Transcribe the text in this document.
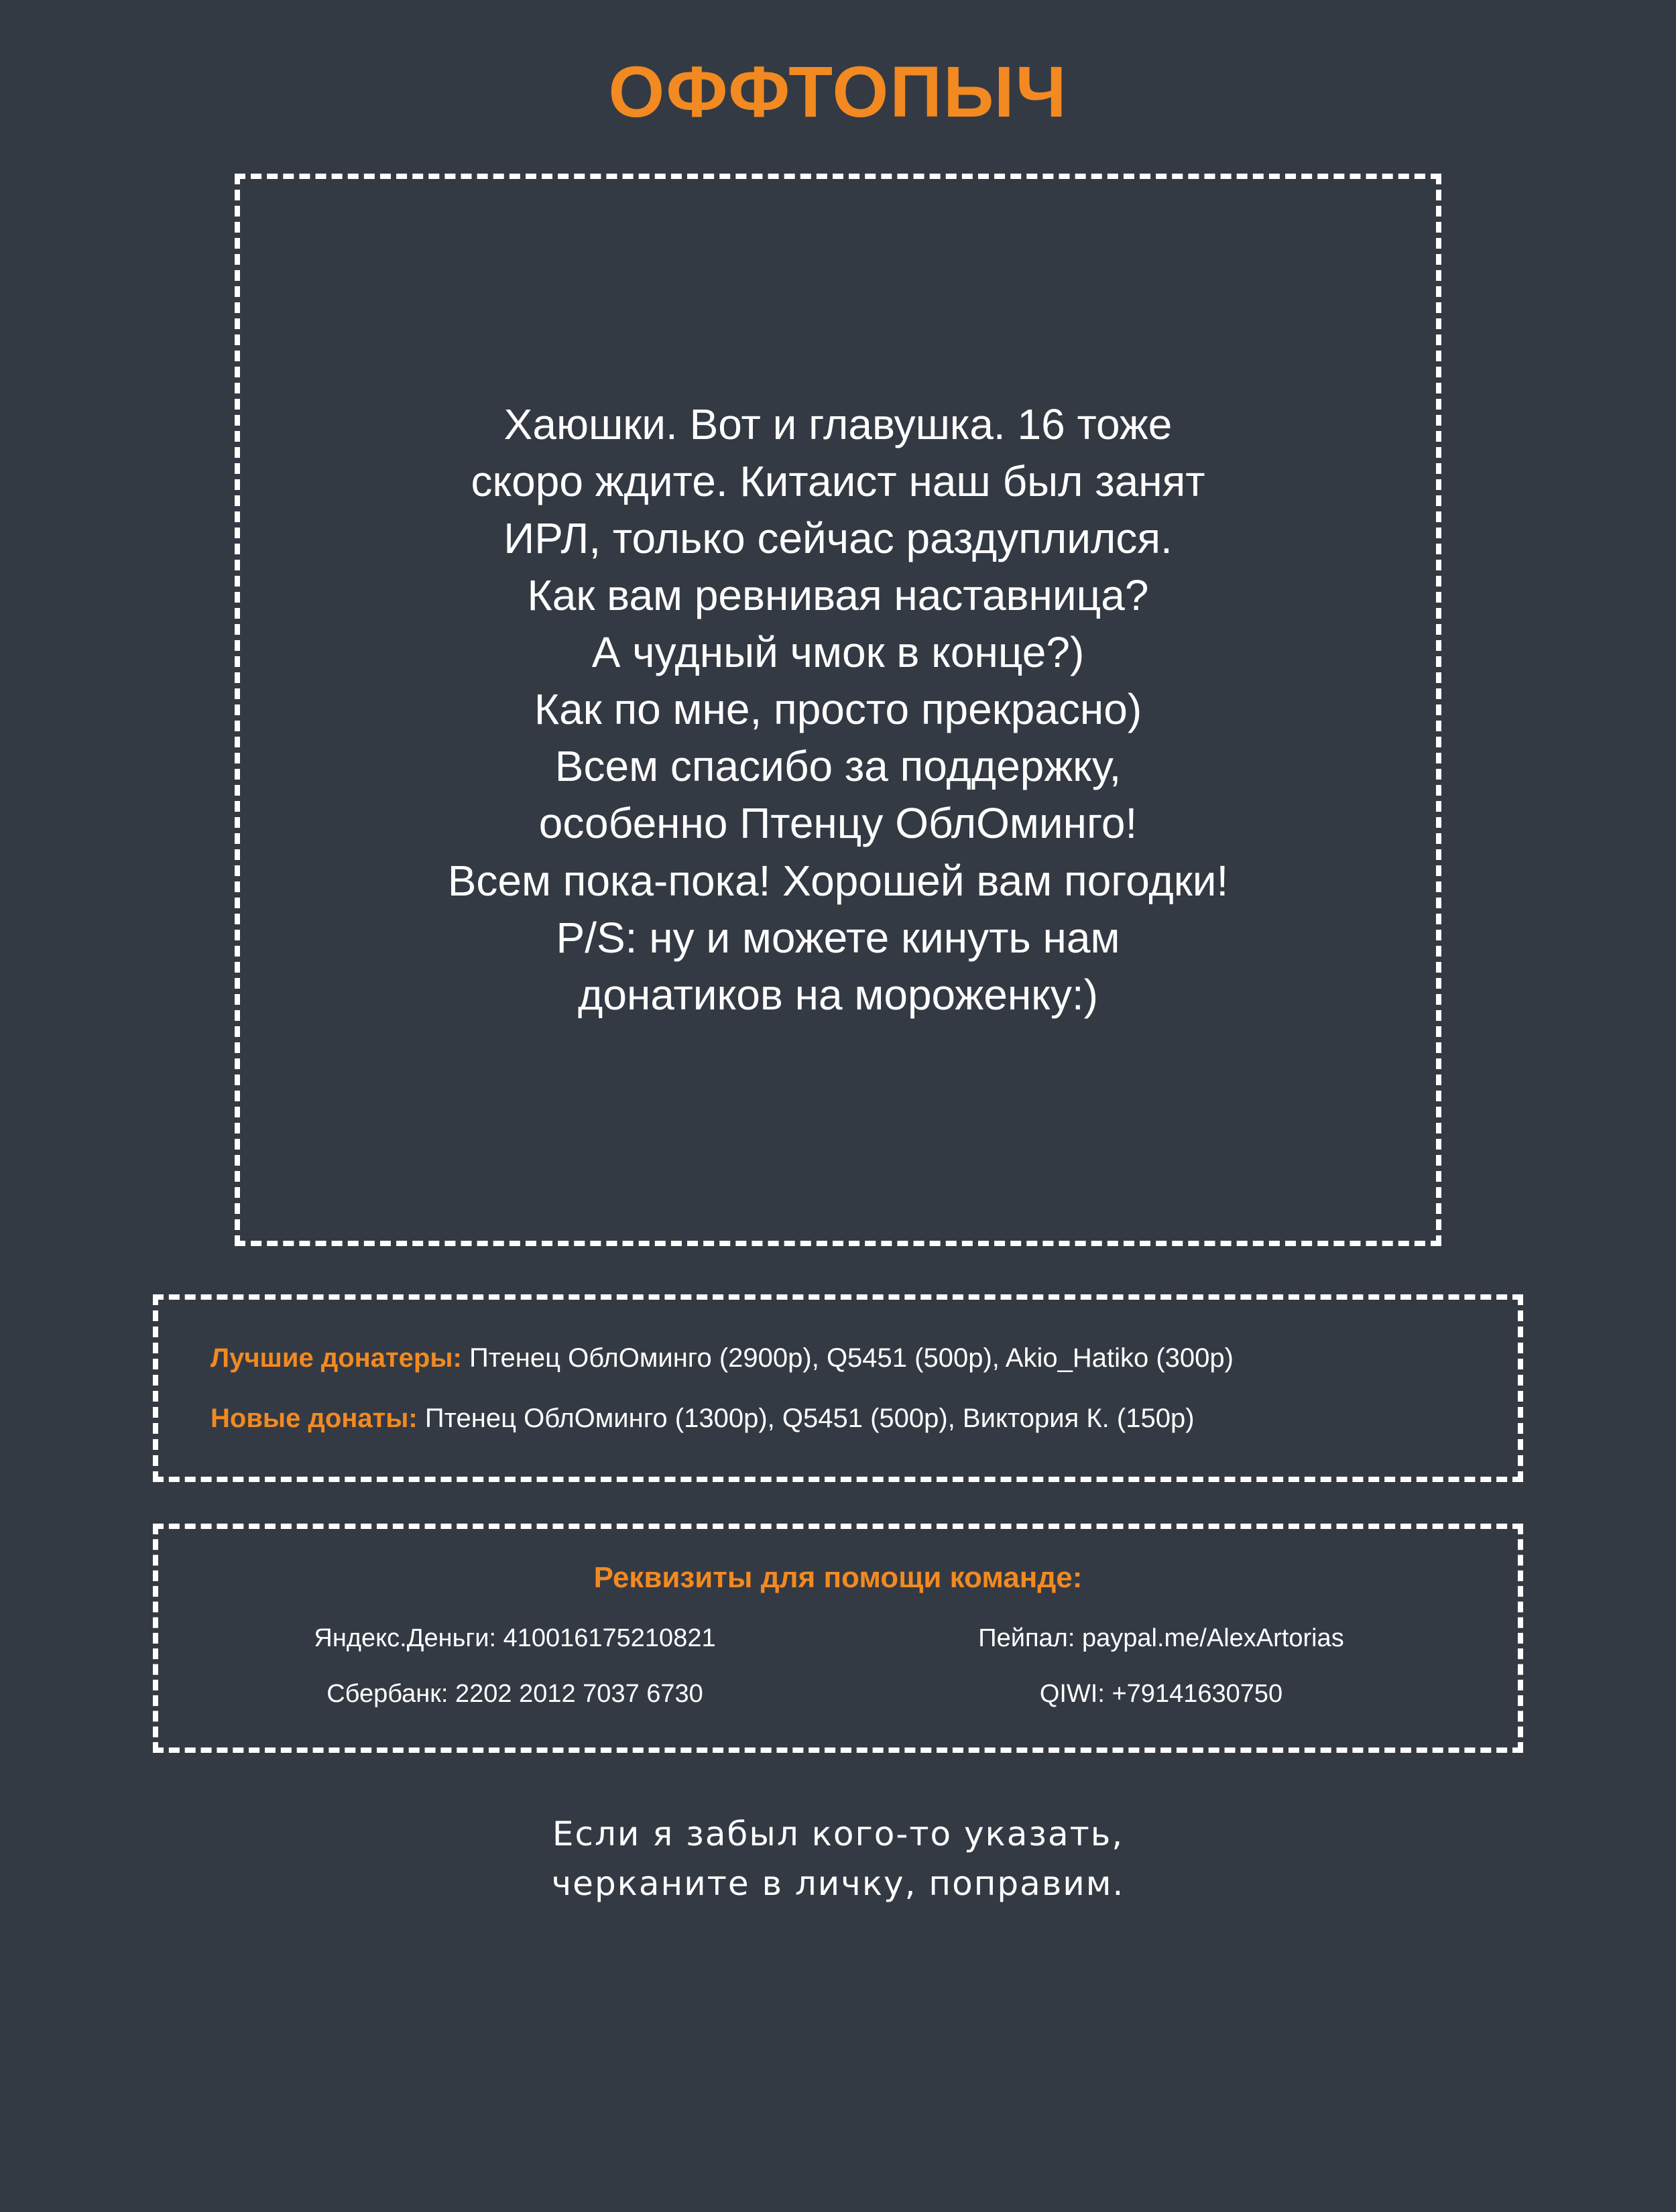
ОФФТОПЫЧ
Хаюшки. Вот и главушка. 16 тоже
скоро ждите. Китаист наш был занят
ИРЛ, только сейчас раздуплился.
Как вам ревнивая наставница?
А чудный чмок в конце?)
Как по мне, просто прекрасно)
Всем спасибо за поддержку,
особенно Птенцу ОблОминго!
Всем пока-пока! Хорошей вам погодки!
P/S: ну и можете кинуть нам
донатиков на мороженку:)
Лучшие донатеры: Птенец ОблОминго (2900р), Q5451 (500р), Akio_Hatiko (300р)
Новые донаты: Птенец ОблОминго (1300р), Q5451 (500р), Виктория К. (150р)
Реквизиты для помощи команде:
Яндекс.Деньги: 410016175210821	Пейпал: paypal.me/AlexArtorias
Сбербанк: 2202 2012 7037 6730	QIWI: +79141630750
Если я забыл кого-то указать,
черканите в личку, поправим.
